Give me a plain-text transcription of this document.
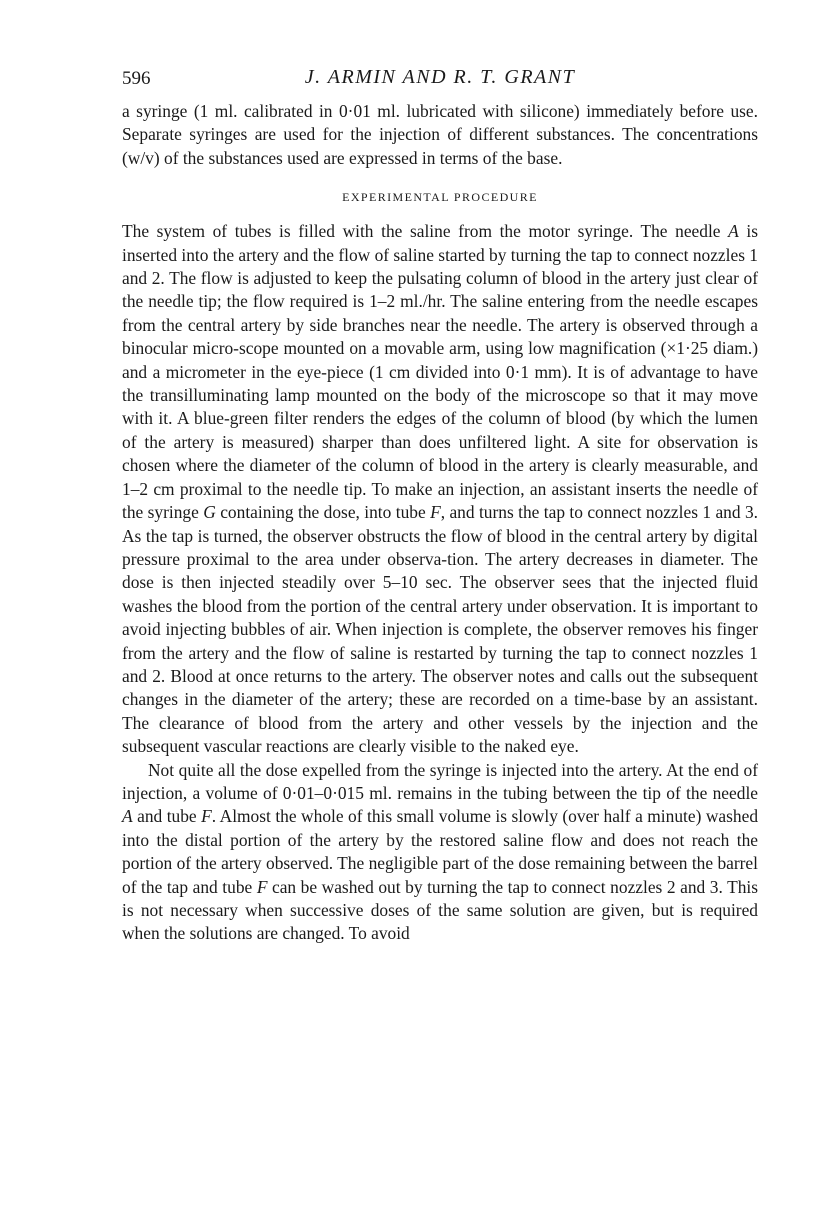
596	J. ARMIN AND R. T. GRANT

a syringe (1 ml. calibrated in 0·01 ml. lubricated with silicone) immediately before use. Separate syringes are used for the injection of different substances. The concentrations (w/v) of the substances used are expressed in terms of the base.

EXPERIMENTAL PROCEDURE

The system of tubes is filled with the saline from the motor syringe. The needle A is inserted into the artery and the flow of saline started by turning the tap to connect nozzles 1 and 2. The flow is adjusted to keep the pulsating column of blood in the artery just clear of the needle tip; the flow required is 1–2 ml./hr. The saline entering from the needle escapes from the central artery by side branches near the needle. The artery is observed through a binocular micro-scope mounted on a movable arm, using low magnification (×1·25 diam.) and a micrometer in the eye-piece (1 cm divided into 0·1 mm). It is of advantage to have the transilluminating lamp mounted on the body of the microscope so that it may move with it. A blue-green filter renders the edges of the column of blood (by which the lumen of the artery is measured) sharper than does unfiltered light. A site for observation is chosen where the diameter of the column of blood in the artery is clearly measurable, and 1–2 cm proximal to the needle tip. To make an injection, an assistant inserts the needle of the syringe G containing the dose, into tube F, and turns the tap to connect nozzles 1 and 3. As the tap is turned, the observer obstructs the flow of blood in the central artery by digital pressure proximal to the area under observa-tion. The artery decreases in diameter. The dose is then injected steadily over 5–10 sec. The observer sees that the injected fluid washes the blood from the portion of the central artery under observation. It is important to avoid injecting bubbles of air. When injection is complete, the observer removes his finger from the artery and the flow of saline is restarted by turning the tap to connect nozzles 1 and 2. Blood at once returns to the artery. The observer notes and calls out the subsequent changes in the diameter of the artery; these are recorded on a time-base by an assistant. The clearance of blood from the artery and other vessels by the injection and the subsequent vascular reactions are clearly visible to the naked eye.

Not quite all the dose expelled from the syringe is injected into the artery. At the end of injection, a volume of 0·01–0·015 ml. remains in the tubing between the tip of the needle A and tube F. Almost the whole of this small volume is slowly (over half a minute) washed into the distal portion of the artery by the restored saline flow and does not reach the portion of the artery observed. The negligible part of the dose remaining between the barrel of the tap and tube F can be washed out by turning the tap to connect nozzles 2 and 3. This is not necessary when successive doses of the same solution are given, but is required when the solutions are changed. To avoid
